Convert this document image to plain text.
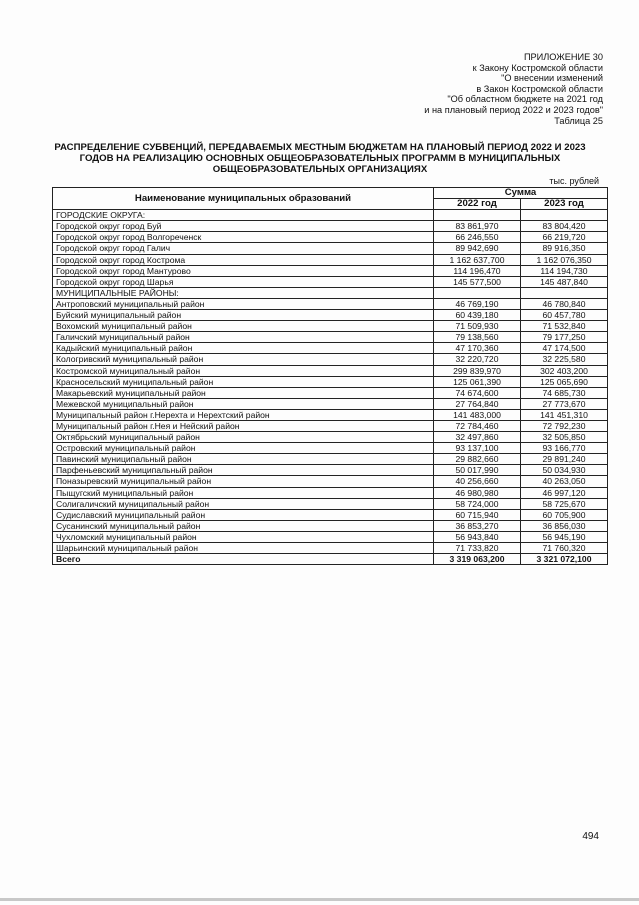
ПРИЛОЖЕНИЕ 30
к Закону Костромской области
"О внесении изменений
в Закон Костромской области
"Об областном бюджете на 2021 год
и на плановый период 2022 и 2023 годов"
Таблица 25
РАСПРЕДЕЛЕНИЕ СУБВЕНЦИЙ, ПЕРЕДАВАЕМЫХ МЕСТНЫМ БЮДЖЕТАМ НА ПЛАНОВЫЙ ПЕРИОД 2022 И 2023
ГОДОВ НА РЕАЛИЗАЦИЮ ОСНОВНЫХ ОБЩЕОБРАЗОВАТЕЛЬНЫХ ПРОГРАММ В МУНИЦИПАЛЬНЫХ
ОБЩЕОБРАЗОВАТЕЛЬНЫХ ОРГАНИЗАЦИЯХ
тыс. рублей
Наименование муниципальных образований	Сумма	
	2022 год	2023 год
ГОРОДСКИЕ ОКРУГА:		
Городской округ город Буй	83 861,970	83 804,420
Городской округ город Волгореченск	66 246,550	66 219,720
Городской округ город Галич	89 942,690	89 916,350
Городской округ город Кострома	1 162 637,700	1 162 076,350
Городской округ город Мантурово	114 196,470	114 194,730
Городской округ город Шарья	145 577,500	145 487,840
МУНИЦИПАЛЬНЫЕ РАЙОНЫ:		
Антроповский муниципальный район	46 769,190	46 780,840
Буйский муниципальный район	60 439,180	60 457,780
Вохомский муниципальный район	71 509,930	71 532,840
Галичский муниципальный район	79 138,560	79 177,250
Кадыйский муниципальный район	47 170,360	47 174,500
Кологривский муниципальный район	32 220,720	32 225,580
Костромской муниципальный район	299 839,970	302 403,200
Красносельский муниципальный район	125 061,390	125 065,690
Макарьевский муниципальный район	74 674,600	74 685,730
Межевской муниципальный район	27 764,840	27 773,670
Муниципальный район г.Нерехта и Нерехтский район	141 483,000	141 451,310
Муниципальный район г.Нея и Нейский район	72 784,460	72 792,230
Октябрьский муниципальный район	32 497,860	32 505,850
Островский муниципальный район	93 137,100	93 166,770
Павинский муниципальный район	29 882,660	29 891,240
Парфеньевский муниципальный район	50 017,990	50 034,930
Поназыревский муниципальный район	40 256,660	40 263,050
Пыщугский муниципальный район	46 980,980	46 997,120
Солигаличский муниципальный район	58 724,000	58 725,670
Судиславский муниципальный район	60 715,940	60 705,900
Сусанинский муниципальный район	36 853,270	36 856,030
Чухломский муниципальный район	56 943,840	56 945,190
Шарьинский муниципальный район	71 733,820	71 760,320
Всего	3 319 063,200	3 321 072,100
494
